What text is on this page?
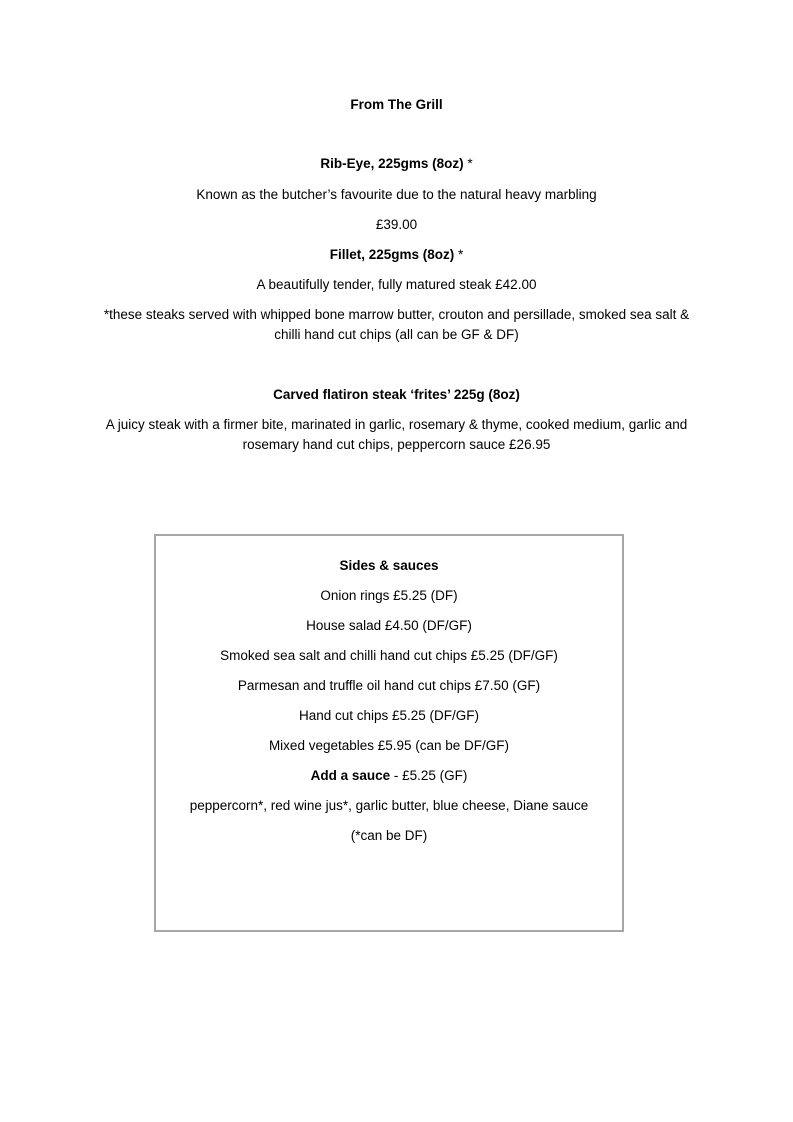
From The Grill
Rib-Eye, 225gms (8oz) *
Known as the butcher’s favourite due to the natural heavy marbling
£39.00
Fillet, 225gms (8oz) *
A beautifully tender, fully matured steak £42.00
*these steaks served with whipped bone marrow butter, crouton and persillade, smoked sea salt & chilli hand cut chips (all can be GF & DF)
Carved flatiron steak ‘frites’ 225g (8oz)
A juicy steak with a firmer bite, marinated in garlic, rosemary & thyme, cooked medium, garlic and rosemary hand cut chips, peppercorn sauce £26.95
Sides & sauces
Onion rings £5.25 (DF)
House salad £4.50 (DF/GF)
Smoked sea salt and chilli hand cut chips £5.25 (DF/GF)
Parmesan and truffle oil hand cut chips £7.50 (GF)
Hand cut chips £5.25 (DF/GF)
Mixed vegetables £5.95 (can be DF/GF)
Add a sauce - £5.25 (GF)
peppercorn*, red wine jus*, garlic butter, blue cheese, Diane sauce
(*can be DF)
